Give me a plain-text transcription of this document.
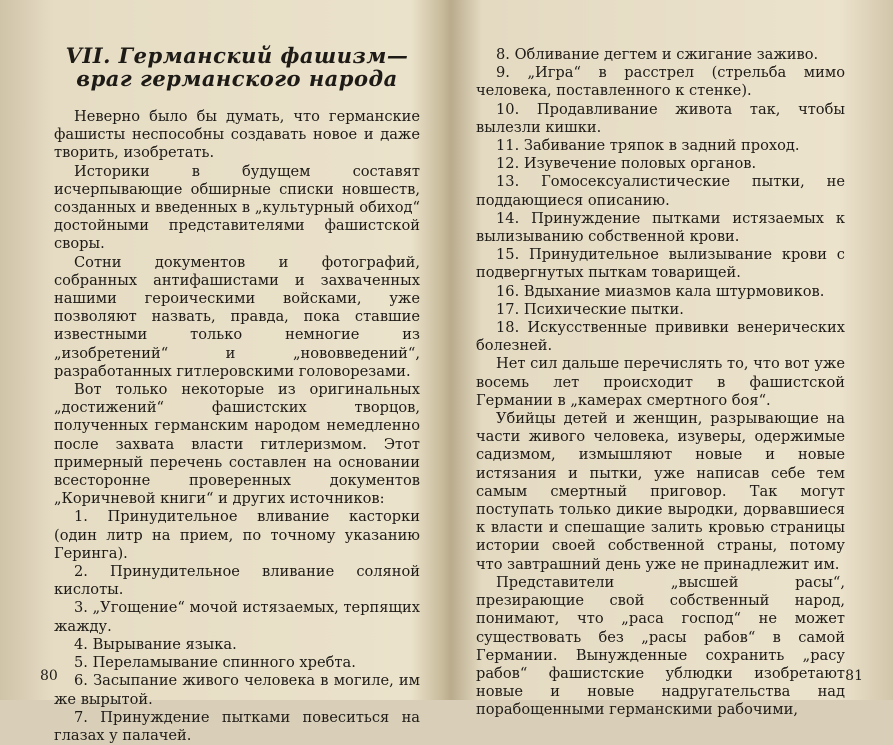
VII. Германский фашизм—
враг германского народа

Неверно было бы думать, что германские фашисты неспособны создавать новое и даже творить, изобретать.

Историки в будущем составят исчерпывающие обширные списки новшеств, созданных и введенных в „культурный обиход“ достойными представителями фашистской своры.

Сотни документов и фотографий, собранных антифашистами и захваченных нашими героическими войсками, уже позволяют назвать, правда, пока ставшие известными только немногие из „изобретений“ и „нововведений“, разработанных гитлеровскими головорезами.

Вот только некоторые из оригинальных „достижений“ фашистских творцов, полученных германским народом немедленно после захвата власти гитлеризмом. Этот примерный перечень составлен на основании всесторонне проверенных документов „Коричневой книги“ и других источников:

1. Принудительное вливание касторки (один литр на прием, по точному указанию Геринга).

2. Принудительное вливание соляной кислоты.

3. „Угощение“ мочой истязаемых, терпящих жажду.

4. Вырывание языка.

5. Переламывание спинного хребта.

6. Засыпание живого человека в могиле, им же вырытой.

7. Принуждение пытками повеситься на глазах у палачей.

80

8. Обливание дегтем и сжигание заживо.

9. „Игра“ в расстрел (стрельба мимо человека, поставленного к стенке).

10. Продавливание живота так, чтобы вылезли кишки.

11. Забивание тряпок в задний проход.

12. Изувечение половых органов.

13. Гомосексуалистические пытки, не поддающиеся описанию.

14. Принуждение пытками истязаемых к вылизыванию собственной крови.

15. Принудительное вылизывание крови с подвергнутых пыткам товарищей.

16. Вдыхание миазмов кала штурмовиков.

17. Психические пытки.

18. Искусственные прививки венерических болезней.

Нет сил дальше перечислять то, что вот уже восемь лет происходит в фашистской Германии в „камерах смертного боя“.

Убийцы детей и женщин, разрывающие на части живого человека, изуверы, одержимые садизмом, измышляют новые и новые истязания и пытки, уже написав себе тем самым смертный приговор. Так могут поступать только дикие выродки, дорвавшиеся к власти и спешащие залить кровью страницы истории своей собственной страны, потому что завтрашний день уже не принадлежит им.

Представители „высшей расы“, презирающие свой собственный народ, понимают, что „раса господ“ не может существовать без „расы рабов“ в самой Германии. Вынужденные сохранить „расу рабов“ фашистские ублюдки изобретают новые и новые надругательства над порабощенными германскими рабочими,

81
